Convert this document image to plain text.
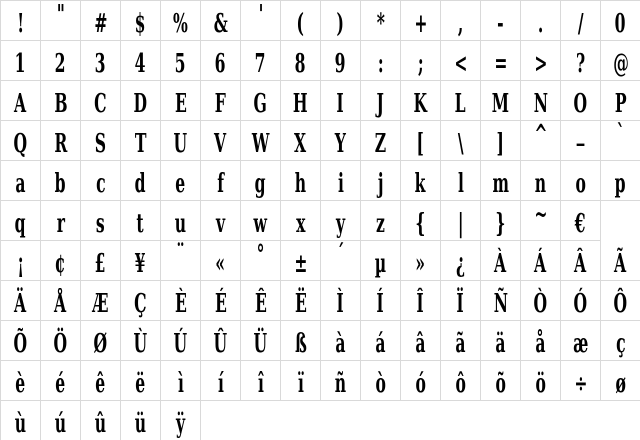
! " # $ % & ' ( ) * + , - . / 0
1 2 3 4 5 6 7 8 9 : ; < = > ? @
A B C D E F G H I J K L M N O P
Q R S T U V W X Y Z [ \ ] ^ _ `
a b c d e f g h i j k l m n o p
q r s t u v w x y z { | } ~ €
¡ ¢ £ ¥ ¨ « ° ± ´ µ » ¿ À Á Â Ã
Ä Å Æ Ç È É Ê Ë Ì Í Î Ï Ñ Ò Ó Ô
Õ Ö Ø Ù Ú Û Ü ß à á â ã ä å æ ç
è é ê ë ì í î ï ñ ò ó ô õ ö ÷ ø
ù ú û ü ÿ
